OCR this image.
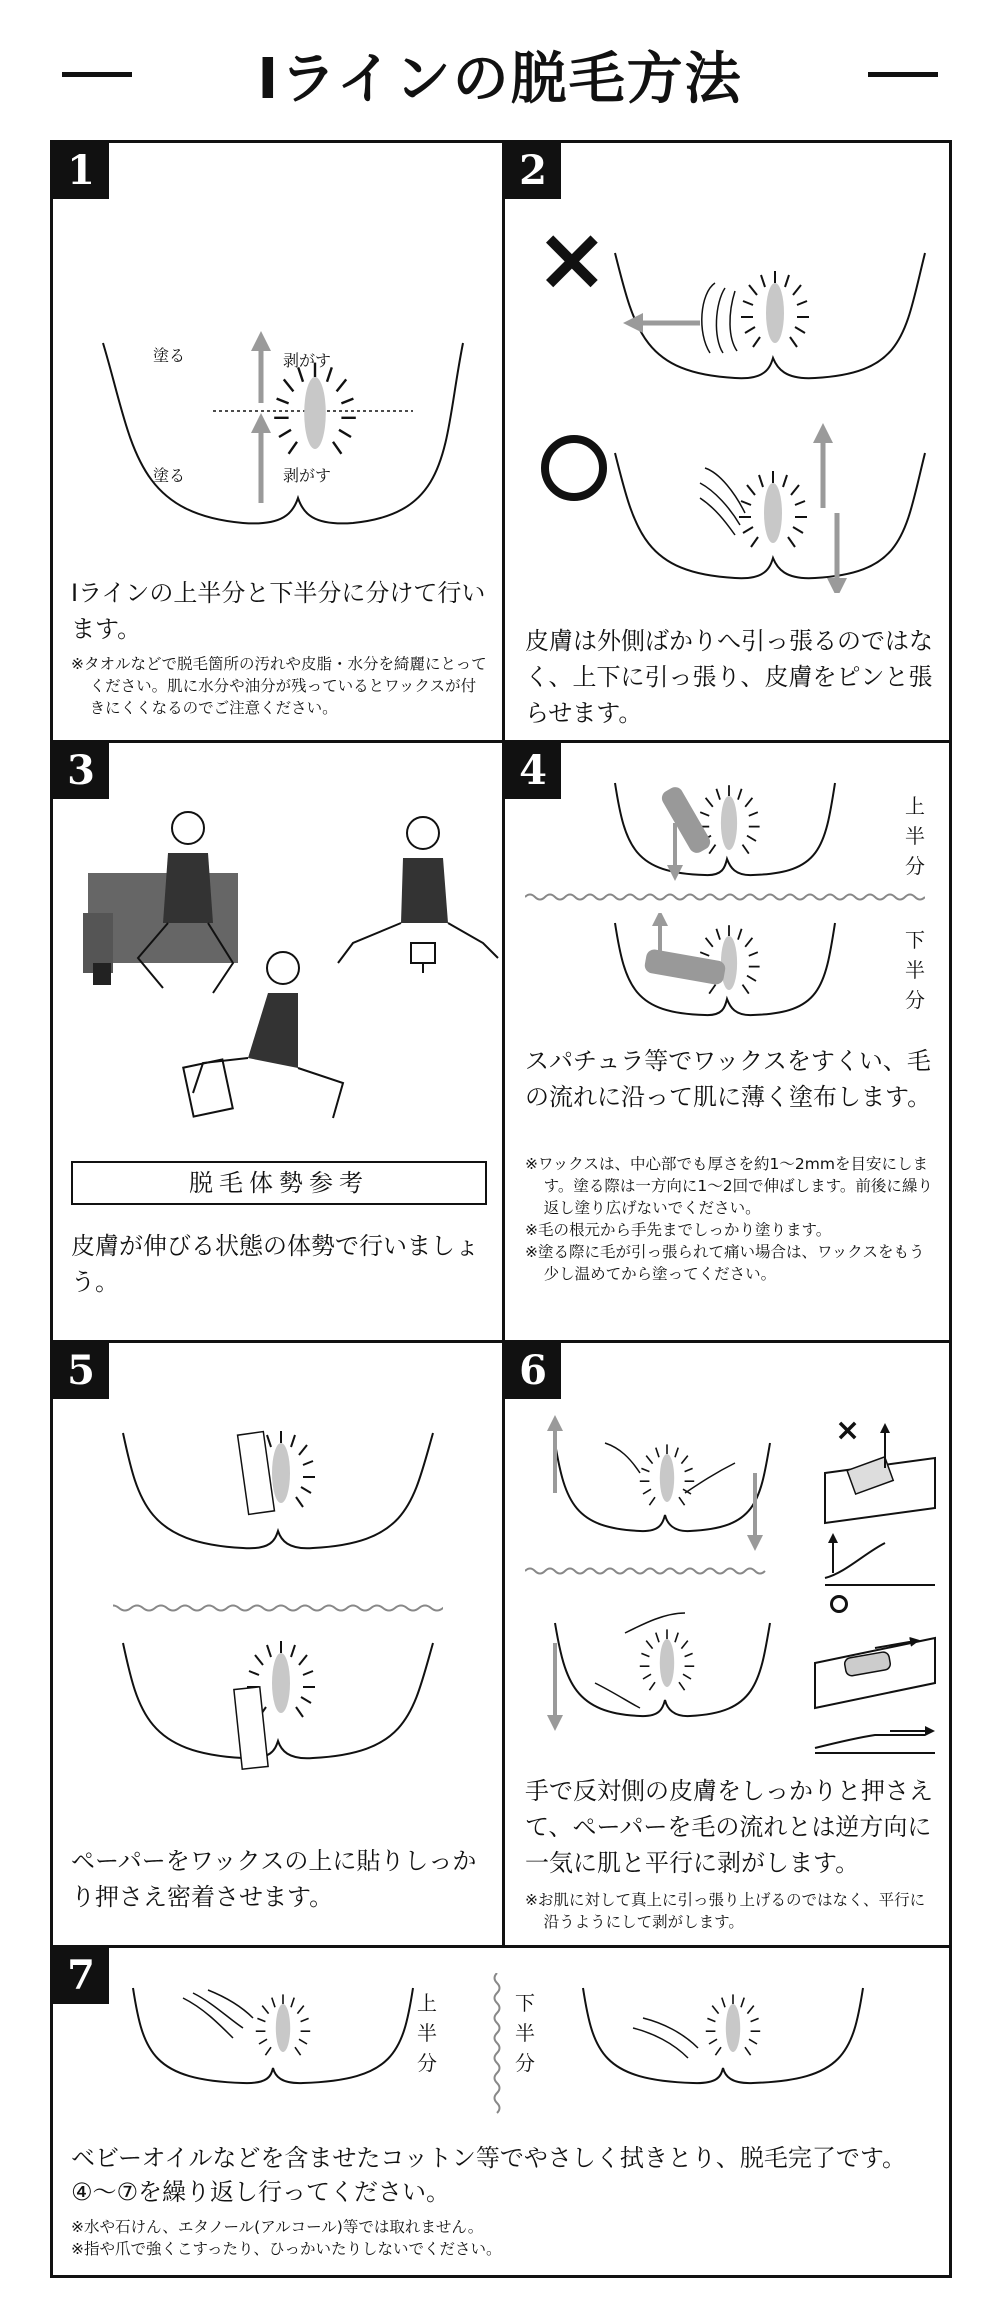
Iラインの脱毛方法
1
塗る	剥がす
塗る	剥がす
Iラインの上半分と下半分に分けて行います。

※タオルなどで脱毛箇所の汚れや皮脂・水分を綺麗にとってください。肌に水分や油分が残っているとワックスが付きにくくなるのでご注意ください。

2
×
皮膚は外側ばかりへ引っ張るのではなく、上下に引っ張り、皮膚をピンと張らせます。
3
脱毛体勢参考
皮膚が伸びる状態の体勢で行いましょう。
4
上半分
下半分
スパチュラ等でワックスをすくい、毛の流れに沿って肌に薄く塗布します。

※ワックスは、中心部でも厚さを約1～2mmを目安にします。塗る際は一方向に1～2回で伸ばします。前後に繰り返し塗り広げないでください。

※毛の根元から手先までしっかり塗ります。

※塗る際に毛が引っ張られて痛い場合は、ワックスをもう少し温めてから塗ってください。

5
ペーパーをワックスの上に貼りしっかり押さえ密着させます。
6
×
手で反対側の皮膚をしっかりと押さえて、ペーパーを毛の流れとは逆方向に一気に肌と平行に剥がします。

※お肌に対して真上に引っ張り上げるのではなく、平行に沿うようにして剥がします。

7
上半分
下半分
ベビーオイルなどを含ませたコットン等でやさしく拭きとり、脱毛完了です。
④～⑦を繰り返し行ってください。

※水や石けん、エタノール(アルコール)等では取れません。

※指や爪で強くこすったり、ひっかいたりしないでください。
